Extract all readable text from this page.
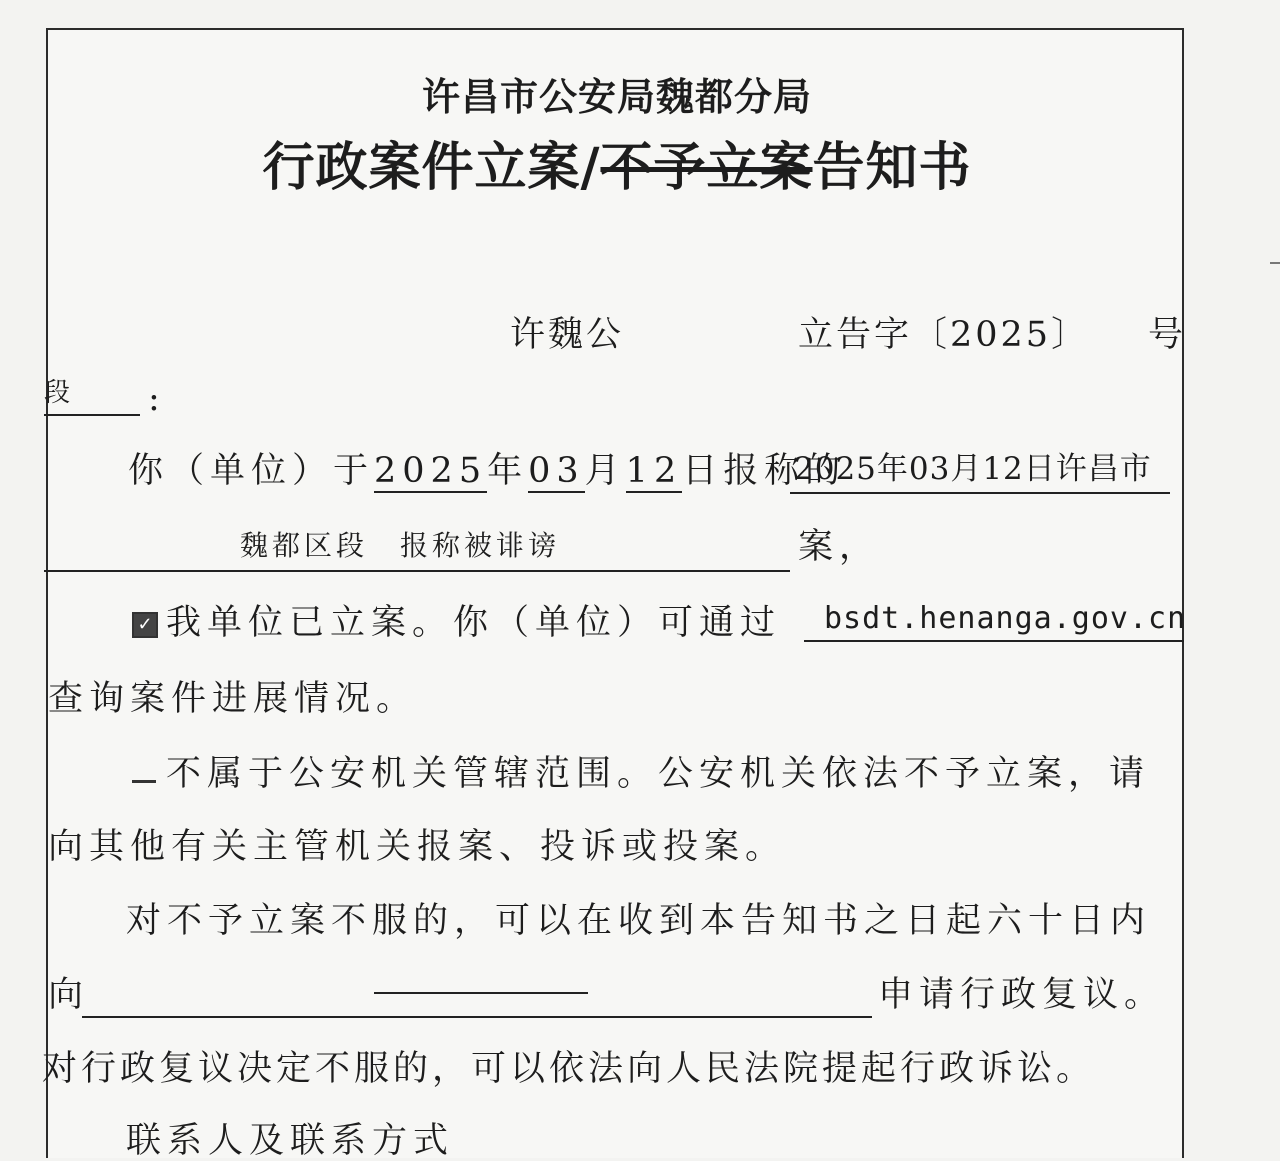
许昌市公安局魏都分局
行政案件立案/不予立案告知书
许魏公	立告字〔2025〕 号
段 :
你（单位）于2025年03月12日报称的
2025年03月12日许昌市
魏都区段　报称被诽谤	案，
✓ 我单位已立案。你（单位）可通过 bsdt.henanga.gov.cn
查询案件进展情况。
不属于公安机关管辖范围。公安机关依法不予立案，请
向其他有关主管机关报案、投诉或投案。
对不予立案不服的，可以在收到本告知书之日起六十日内
向	申请行政复议。
对行政复议决定不服的，可以依法向人民法院提起行政诉讼。
联系人及联系方式
